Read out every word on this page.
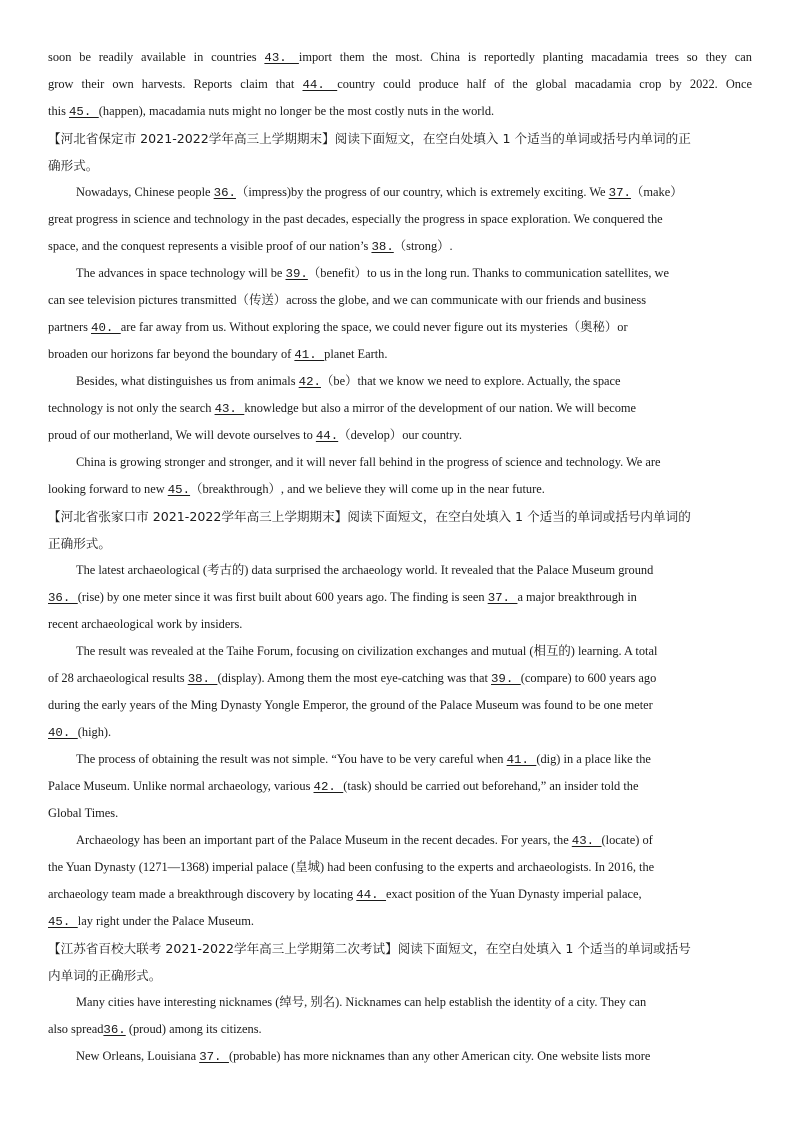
soon be readily available in countries 43. import them the most. China is reportedly planting macadamia trees so they can
grow their own harvests. Reports claim that 44. country could produce half of the global macadamia crop by 2022. Once
this 45. (happen), macadamia nuts might no longer be the most costly nuts in the world.
【河北省保定市 2021-2022学年高三上学期期末】阅读下面短文，在空白处填入 1 个适当的单词或括号内单词的正
确形式。
Nowadays, Chinese people 36.（impress)by the progress of our country, which is extremely exciting. We 37.（make）
great progress in science and technology in the past decades, especially the progress in space exploration. We conquered the
space, and the conquest represents a visible proof of our nation’s 38.（strong）.
The advances in space technology will be 39.（benefit）to us in the long run. Thanks to communication satellites, we
can see television pictures transmitted（传送）across the globe, and we can communicate with our friends and business
partners 40. are far away from us. Without exploring the space, we could never figure out its mysteries（奥秘）or
broaden our horizons far beyond the boundary of 41. planet Earth.
Besides, what distinguishes us from animals 42.（be）that we know we need to explore. Actually, the space
technology is not only the search 43. knowledge but also a mirror of the development of our nation. We will become
proud of our motherland, We will devote ourselves to 44.（develop）our country.
China is growing stronger and stronger, and it will never fall behind in the progress of science and technology. We are
looking forward to new 45.（breakthrough）, and we believe they will come up in the near future.
【河北省张家口市 2021-2022学年高三上学期期末】阅读下面短文，在空白处填入 1 个适当的单词或括号内单词的
正确形式。
The latest archaeological (考古的) data surprised the archaeology world. It revealed that the Palace Museum ground
36. (rise) by one meter since it was first built about 600 years ago. The finding is seen 37. a major breakthrough in
recent archaeological work by insiders.
The result was revealed at the Taihe Forum, focusing on civilization exchanges and mutual (相互的) learning. A total
of 28 archaeological results 38. (display). Among them the most eye-catching was that 39. (compare) to 600 years ago
during the early years of the Ming Dynasty Yongle Emperor, the ground of the Palace Museum was found to be one meter
40. (high).
The process of obtaining the result was not simple. “You have to be very careful when 41. (dig) in a place like the
Palace Museum. Unlike normal archaeology, various 42. (task) should be carried out beforehand,” an insider told the
Global Times.
Archaeology has been an important part of the Palace Museum in the recent decades. For years, the 43. (locate) of
the Yuan Dynasty (1271—1368) imperial palace (皇城) had been confusing to the experts and archaeologists. In 2016, the
archaeology team made a breakthrough discovery by locating 44. exact position of the Yuan Dynasty imperial palace,
45. lay right under the Palace Museum.
【江苏省百校大联考 2021-2022学年高三上学期第二次考试】阅读下面短文，在空白处填入 1 个适当的单词或括号
内单词的正确形式。
Many cities have interesting nicknames (绰号, 别名). Nicknames can help establish the identity of a city. They can
also spread36. (proud) among its citizens.
New Orleans, Louisiana 37. (probable) has more nicknames than any other American city. One website lists more
